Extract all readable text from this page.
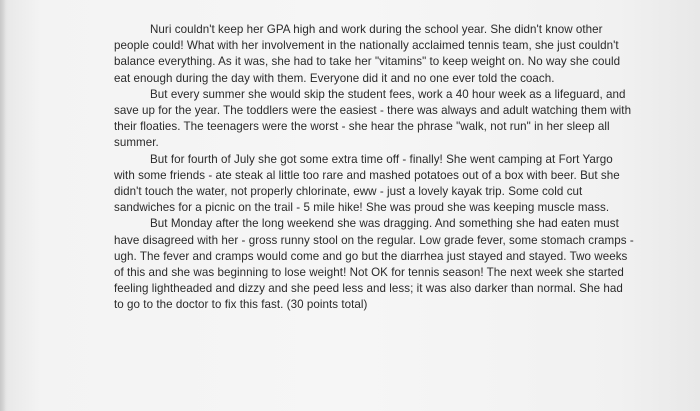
Nuri couldn't keep her GPA high and work during the school year. She didn't know other people could! What with her involvement in the nationally acclaimed tennis team, she just couldn't balance everything. As it was, she had to take her "vitamins" to keep weight on. No way she could eat enough during the day with them. Everyone did it and no one ever told the coach.

But every summer she would skip the student fees, work a 40 hour week as a lifeguard, and save up for the year. The toddlers were the easiest - there was always and adult watching them with their floaties. The teenagers were the worst - she hear the phrase "walk, not run" in her sleep all summer.

But for fourth of July she got some extra time off - finally! She went camping at Fort Yargo with some friends - ate steak al little too rare and mashed potatoes out of a box with beer. But she didn't touch the water, not properly chlorinate, eww - just a lovely kayak trip. Some cold cut sandwiches for a picnic on the trail - 5 mile hike! She was proud she was keeping muscle mass.

But Monday after the long weekend she was dragging. And something she had eaten must have disagreed with her - gross runny stool on the regular. Low grade fever, some stomach cramps - ugh. The fever and cramps would come and go but the diarrhea just stayed and stayed. Two weeks of this and she was beginning to lose weight! Not OK for tennis season! The next week she started feeling lightheaded and dizzy and she peed less and less; it was also darker than normal. She had to go to the doctor to fix this fast. (30 points total)
